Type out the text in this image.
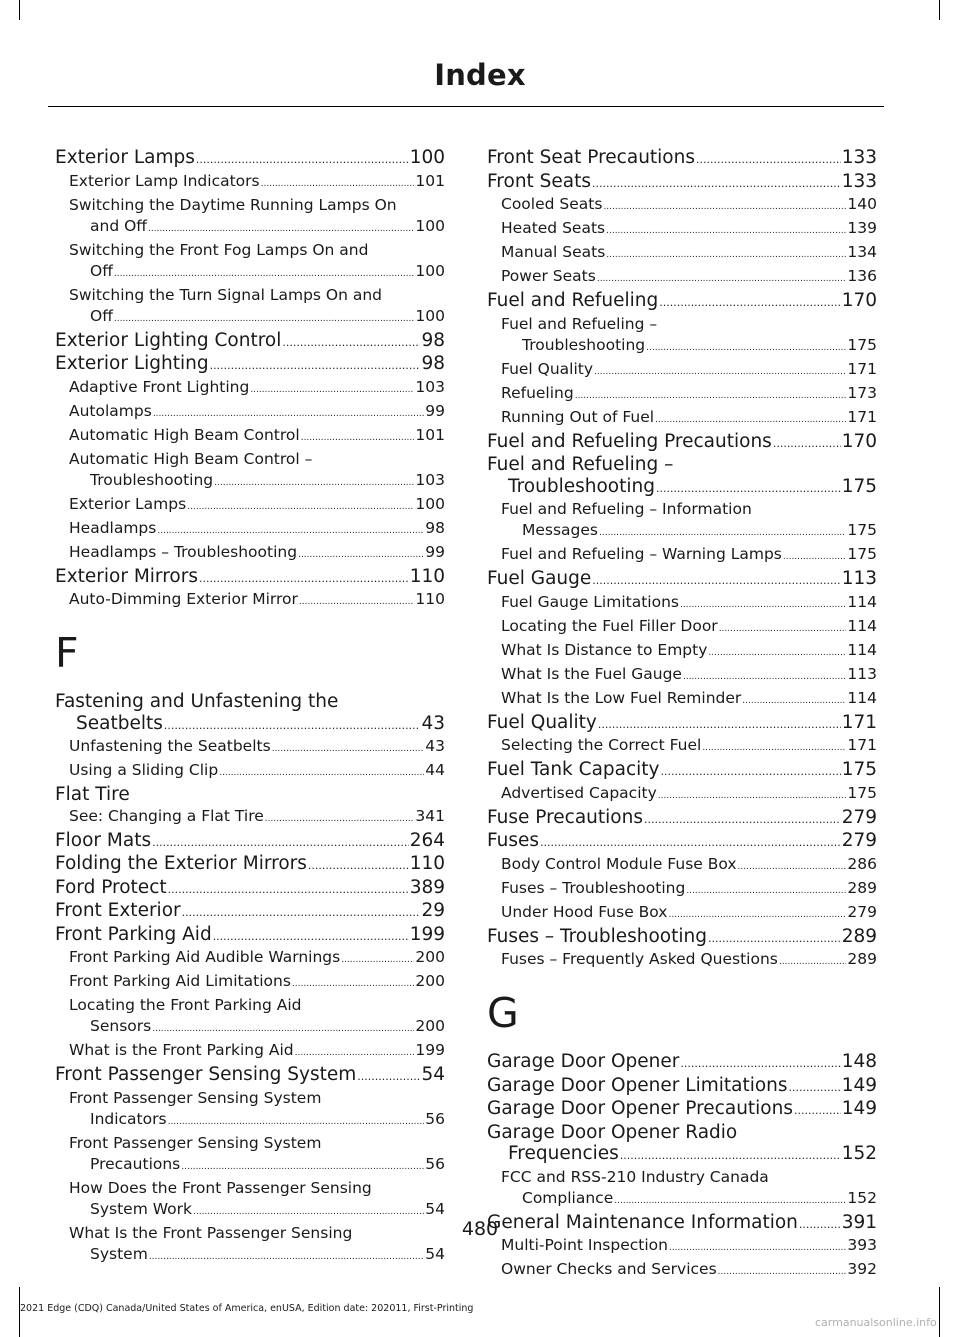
Index
Exterior Lamps .....	100
Exterior Lamp Indicators .....	101
Switching the Daytime Running Lamps On
and Off .....	100
Switching the Front Fog Lamps On and
Off .....	100
Switching the Turn Signal Lamps On and
Off .....	100
Exterior Lighting Control .....	98
Exterior Lighting .....	98
Adaptive Front Lighting .....	103
Autolamps .....	99
Automatic High Beam Control .....	101
Automatic High Beam Control –
Troubleshooting .....	103
Exterior Lamps .....	100
Headlamps .....	98
Headlamps – Troubleshooting .....	99
Exterior Mirrors .....	110
Auto-Dimming Exterior Mirror .....	110
F
Fastening and Unfastening the
Seatbelts .....	43
Unfastening the Seatbelts .....	43
Using a Sliding Clip .....	44
Flat Tire
See: Changing a Flat Tire .....	341
Floor Mats .....	264
Folding the Exterior Mirrors .....	110
Ford Protect .....	389
Front Exterior .....	29
Front Parking Aid .....	199
Front Parking Aid Audible Warnings .....	200
Front Parking Aid Limitations .....	200
Locating the Front Parking Aid
Sensors .....	200
What is the Front Parking Aid .....	199
Front Passenger Sensing System .....	54
Front Passenger Sensing System
Indicators .....	56
Front Passenger Sensing System
Precautions .....	56
How Does the Front Passenger Sensing
System Work .....	54
What Is the Front Passenger Sensing
System .....	54
Front Seat Precautions .....	133
Front Seats .....	133
Cooled Seats .....	140
Heated Seats .....	139
Manual Seats .....	134
Power Seats .....	136
Fuel and Refueling .....	170
Fuel and Refueling –
Troubleshooting .....	175
Fuel Quality .....	171
Refueling .....	173
Running Out of Fuel .....	171
Fuel and Refueling Precautions .....	170
Fuel and Refueling –
Troubleshooting .....	175
Fuel and Refueling – Information
Messages .....	175
Fuel and Refueling – Warning Lamps .....	175
Fuel Gauge .....	113
Fuel Gauge Limitations .....	114
Locating the Fuel Filler Door .....	114
What Is Distance to Empty .....	114
What Is the Fuel Gauge .....	113
What Is the Low Fuel Reminder .....	114
Fuel Quality .....	171
Selecting the Correct Fuel .....	171
Fuel Tank Capacity .....	175
Advertised Capacity .....	175
Fuse Precautions .....	279
Fuses .....	279
Body Control Module Fuse Box .....	286
Fuses – Troubleshooting .....	289
Under Hood Fuse Box .....	279
Fuses – Troubleshooting .....	289
Fuses – Frequently Asked Questions .....	289
G
Garage Door Opener .....	148
Garage Door Opener Limitations .....	149
Garage Door Opener Precautions .....	149
Garage Door Opener Radio
Frequencies .....	152
FCC and RSS-210 Industry Canada
Compliance .....	152
General Maintenance Information ..... 391
Multi-Point Inspection .....	393
Owner Checks and Services .....	392
480
2021 Edge (CDQ) Canada/United States of America, enUSA, Edition date: 202011, First-Printing
carmanualsonline.info
